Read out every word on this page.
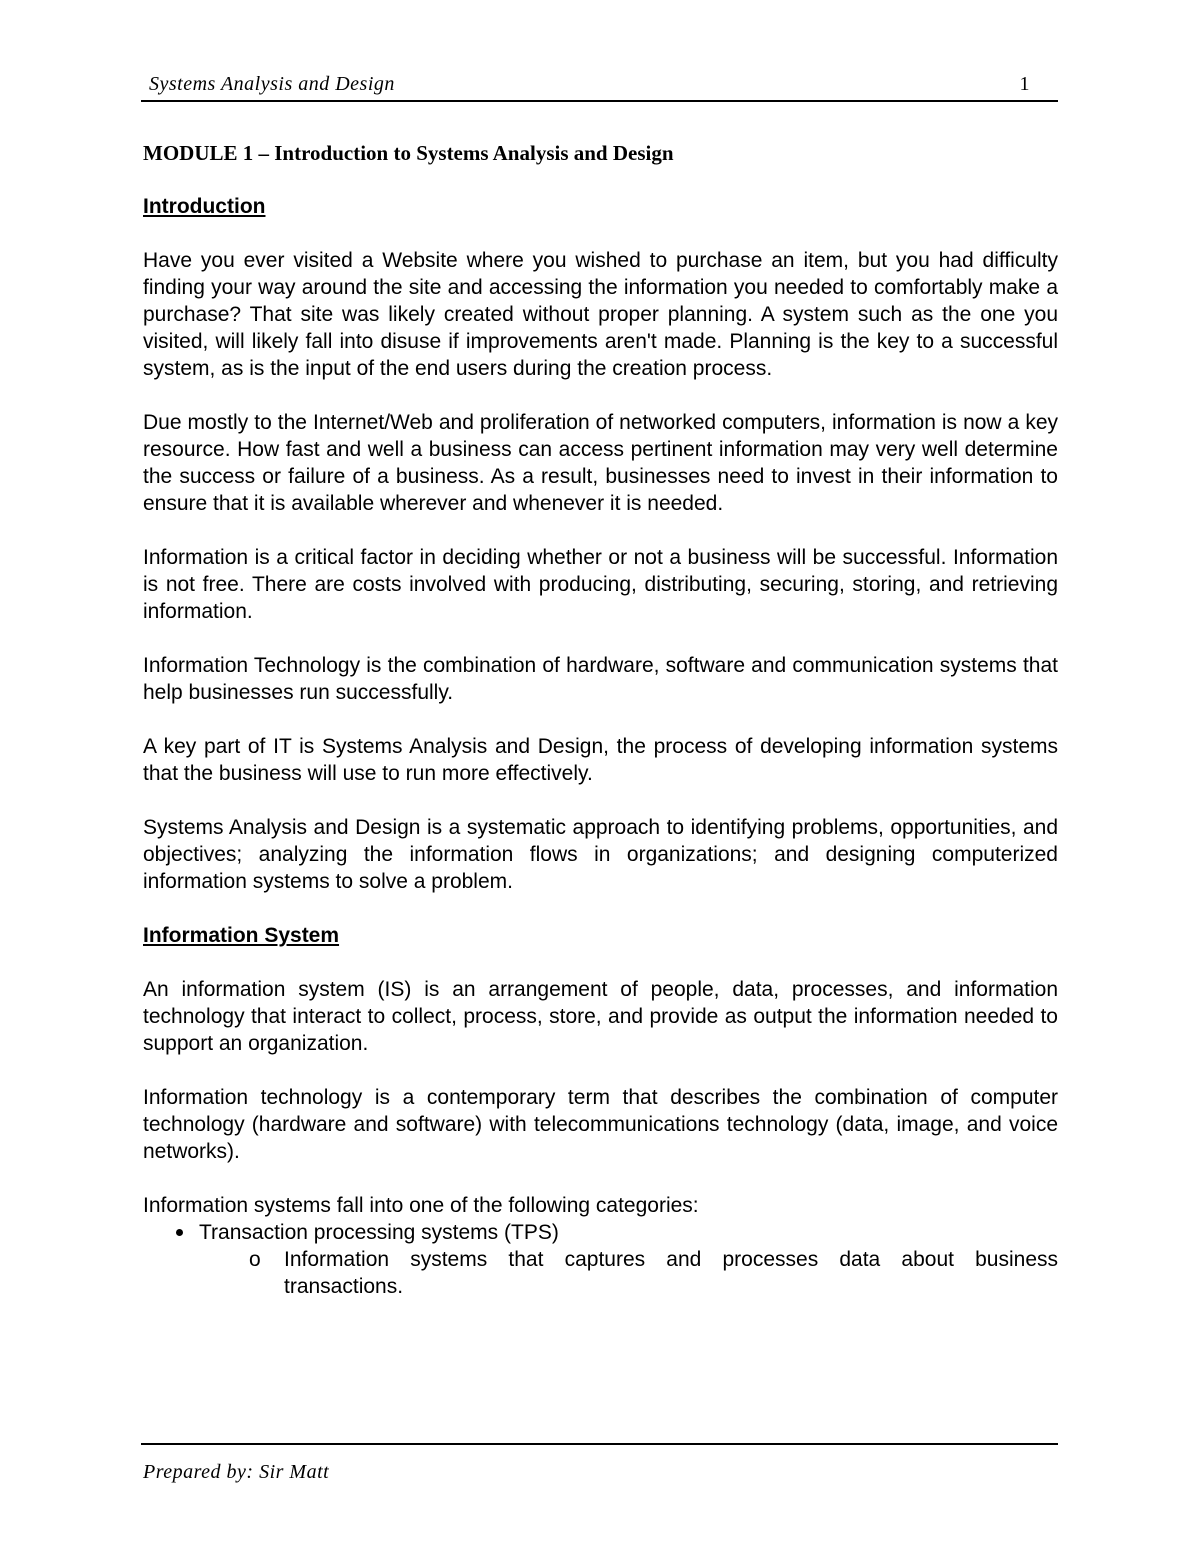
Systems Analysis and Design	1
MODULE 1 – Introduction to Systems Analysis and Design
Introduction

Have you ever visited a Website where you wished to purchase an item, but you had difficulty finding your way around the site and accessing the information you needed to comfortably make a purchase? That site was likely created without proper planning. A system such as the one you visited, will likely fall into disuse if improvements aren't made. Planning is the key to a successful system, as is the input of the end users during the creation process.

Due mostly to the Internet/Web and proliferation of networked computers, information is now a key resource. How fast and well a business can access pertinent information may very well determine the success or failure of a business. As a result, businesses need to invest in their information to ensure that it is available wherever and whenever it is needed.

Information is a critical factor in deciding whether or not a business will be successful. Information is not free. There are costs involved with producing, distributing, securing, storing, and retrieving information.

Information Technology is the combination of hardware, software and communication systems that help businesses run successfully.

A key part of IT is Systems Analysis and Design, the process of developing information systems that the business will use to run more effectively.

Systems Analysis and Design is a systematic approach to identifying problems, opportunities, and objectives; analyzing the information flows in organizations; and designing computerized information systems to solve a problem.

Information System

An information system (IS) is an arrangement of people, data, processes, and information technology that interact to collect, process, store, and provide as output the information needed to support an organization.

Information technology is a contemporary term that describes the combination of computer technology (hardware and software) with telecommunications technology (data, image, and voice networks).

Information systems fall into one of the following categories:
Transaction processing systems (TPS)
o Information systems that captures and processes data about business transactions.
Prepared by: Sir Matt
